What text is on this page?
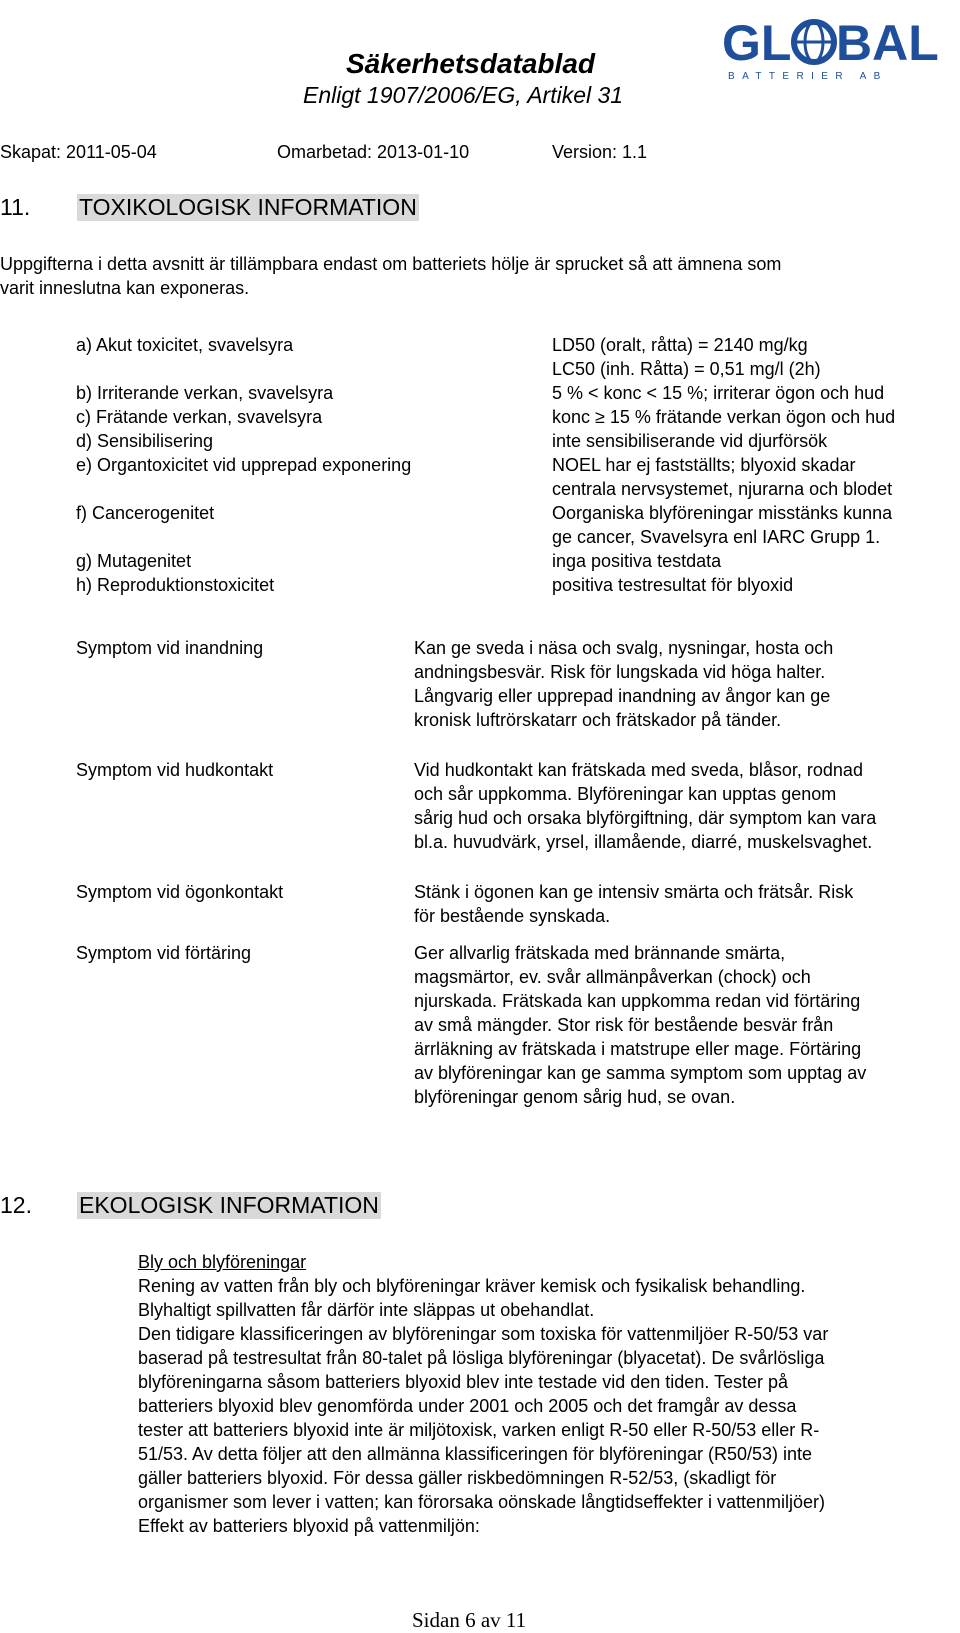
Säkerhetsdatablad
Enligt 1907/2006/EG, Artikel 31
GL BAL
BATTERIER AB
Skapat: 2011-05-04	Omarbetad: 2013-01-10	Version: 1.1
11. TOXIKOLOGISK INFORMATION
Uppgifterna i detta avsnitt är tillämpbara endast om batteriets hölje är sprucket så att ämnena som
varit inneslutna kan exponeras.
a) Akut toxicitet, svavelsyra	LD50 (oralt, råtta) = 2140 mg/kg
LC50 (inh. Råtta) = 0,51 mg/l (2h)
b) Irriterande verkan, svavelsyra	5 % < konc < 15 %; irriterar ögon och hud
c) Frätande verkan, svavelsyra	konc ≥ 15 % frätande verkan ögon och hud
d) Sensibilisering	inte sensibiliserande vid djurförsök
e) Organtoxicitet vid upprepad exponering	NOEL har ej fastställts; blyoxid skadar
centrala nervsystemet, njurarna och blodet
f) Cancerogenitet	Oorganiska blyföreningar misstänks kunna
ge cancer, Svavelsyra enl IARC Grupp 1.
g) Mutagenitet	inga positiva testdata
h) Reproduktionstoxicitet	positiva testresultat för blyoxid
Symptom vid inandning	Kan ge sveda i näsa och svalg, nysningar, hosta och
andningsbesvär. Risk för lungskada vid höga halter.
Långvarig eller upprepad inandning av ångor kan ge
kronisk luftrörskatarr och frätskador på tänder.
Symptom vid hudkontakt	Vid hudkontakt kan frätskada med sveda, blåsor, rodnad
och sår uppkomma. Blyföreningar kan upptas genom
sårig hud och orsaka blyförgiftning, där symptom kan vara
bl.a. huvudvärk, yrsel, illamående, diarré, muskelsvaghet.
Symptom vid ögonkontakt	Stänk i ögonen kan ge intensiv smärta och frätsår. Risk
för bestående synskada.
Symptom vid förtäring	Ger allvarlig frätskada med brännande smärta,
magsmärtor, ev. svår allmänpåverkan (chock) och
njurskada. Frätskada kan uppkomma redan vid förtäring
av små mängder. Stor risk för bestående besvär från
ärrläkning av frätskada i matstrupe eller mage. Förtäring
av blyföreningar kan ge samma symptom som upptag av
blyföreningar genom sårig hud, se ovan.
12. EKOLOGISK INFORMATION
Bly och blyföreningar
Rening av vatten från bly och blyföreningar kräver kemisk och fysikalisk behandling.
Blyhaltigt spillvatten får därför inte släppas ut obehandlat.
Den tidigare klassificeringen av blyföreningar som toxiska för vattenmiljöer R-50/53 var
baserad på testresultat från 80-talet på lösliga blyföreningar (blyacetat). De svårlösliga
blyföreningarna såsom batteriers blyoxid blev inte testade vid den tiden. Tester på
batteriers blyoxid blev genomförda under 2001 och 2005 och det framgår av dessa
tester att batteriers blyoxid inte är miljötoxisk, varken enligt R-50 eller R-50/53 eller R-
51/53. Av detta följer att den allmänna klassificeringen för blyföreningar (R50/53) inte
gäller batteriers blyoxid. För dessa gäller riskbedömningen R-52/53, (skadligt för
organismer som lever i vatten; kan förorsaka oönskade långtidseffekter i vattenmiljöer)
Effekt av batteriers blyoxid på vattenmiljön:
Sidan 6 av 11
